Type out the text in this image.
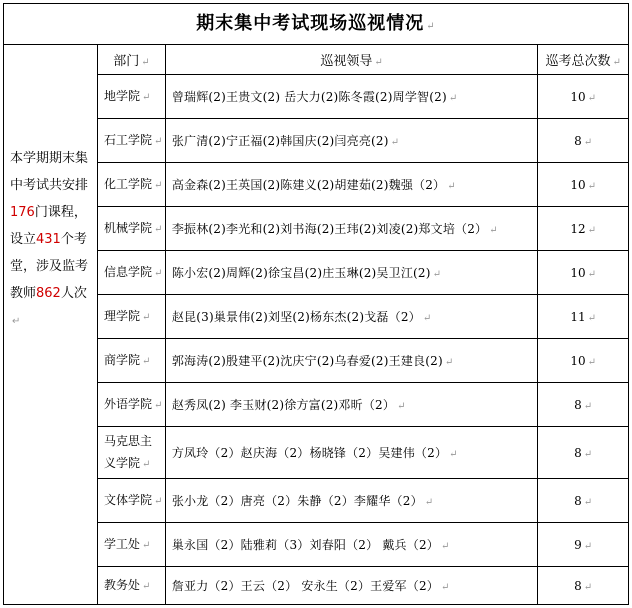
期末集中考试现场巡视情况 ↵
本学期期末集中考试共安排176门课程，设立431个考堂，涉及监考教师862人次
↵
部门 ↵	巡视领导 ↵	巡考总次数 ↵
地学院 ↵	曾瑞辉(2)王贵文(2) 岳大力(2)陈冬霞(2)周学智(2) ↵	10 ↵
石工学院 ↵	张广清(2)宁正福(2)韩国庆(2)闫亮亮(2) ↵	8 ↵
化工学院 ↵	高金森(2)王英国(2)陈建义(2)胡建茹(2)魏强（2） ↵	10 ↵
机械学院 ↵	李振林(2)李光和(2)刘书海(2)王玮(2)刘凌(2)郑文培（2） ↵	12 ↵
信息学院 ↵	陈小宏(2)周辉(2)徐宝昌(2)庄玉琳(2)吴卫江(2) ↵	10 ↵
理学院 ↵	赵昆(3)巢景伟(2)刘坚(2)杨东杰(2)戈磊（2） ↵	11 ↵
商学院 ↵	郭海涛(2)殷建平(2)沈庆宁(2)乌春爱(2)王建良(2) ↵	10 ↵
外语学院 ↵	赵秀凤(2) 李玉财(2)徐方富(2)邓昕（2） ↵	8 ↵
马克思主义学院 ↵	方凤玲（2）赵庆海（2）杨晓锋（2）吴建伟（2） ↵	8 ↵
文体学院 ↵	张小龙（2）唐亮（2）朱静（2）李耀华（2） ↵	8 ↵
学工处 ↵	巢永国（2）陆雅莉（3）刘春阳（2） 戴兵（2） ↵	9 ↵
教务处 ↵	詹亚力（2）王云（2） 安永生（2）王爱军（2） ↵	8 ↵
